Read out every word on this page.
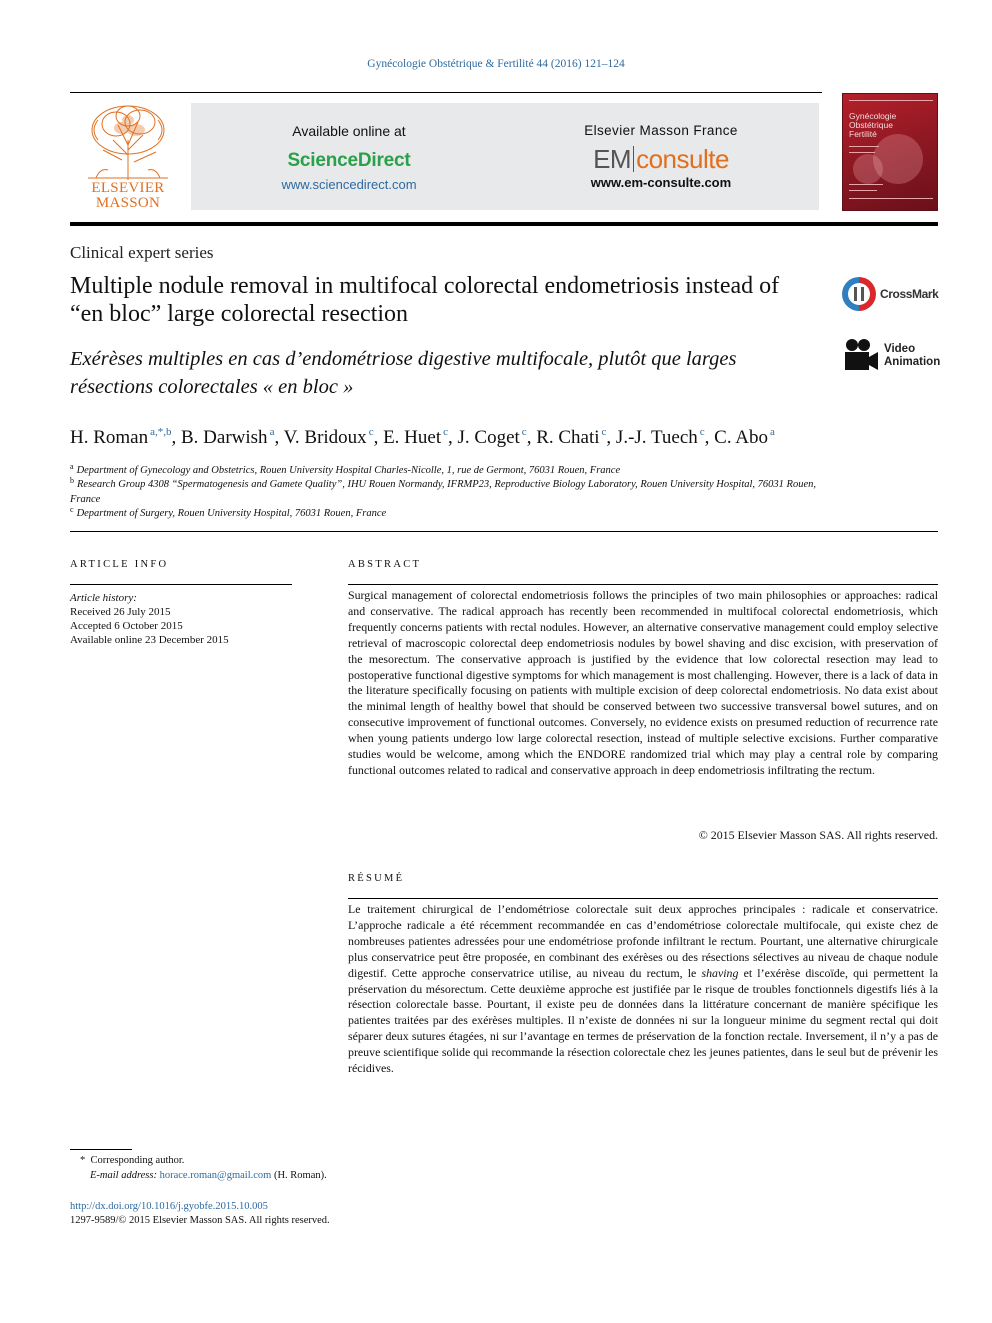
Gynécologie Obstétrique & Fertilité 44 (2016) 121–124
ELSEVIER
MASSON
Available online at
ScienceDirect
www.sciencedirect.com
Elsevier Masson France
EM consulte
www.em-consulte.com
Gynécologie Obstétrique Fertilité
Clinical expert series
Multiple nodule removal in multifocal colorectal endometriosis instead of “en bloc” large colorectal resection
Exérèses multiples en cas d’endométriose digestive multifocale, plutôt que larges résections colorectales « en bloc »
CrossMark
Video
Animation
H. Roman $^{a,*,b}$, B. Darwish $^a$, V. Bridoux $^c$, E. Huet $^c$, J. Coget $^c$, R. Chati $^c$, J.-J. Tuech $^c$, C. Abo $^a$
$^a$ Department of Gynecology and Obstetrics, Rouen University Hospital Charles-Nicolle, 1, rue de Germont, 76031 Rouen, France
$^b$ Research Group 4308 “Spermatogenesis and Gamete Quality”, IHU Rouen Normandy, IFRMP23, Reproductive Biology Laboratory, Rouen University Hospital, 76031 Rouen, France
$^c$ Department of Surgery, Rouen University Hospital, 76031 Rouen, France
ARTICLE INFO
Article history:
Received 26 July 2015
Accepted 6 October 2015
Available online 23 December 2015
ABSTRACT
Surgical management of colorectal endometriosis follows the principles of two main philosophies or approaches: radical and conservative. The radical approach has recently been recommended in multifocal colorectal endometriosis, which frequently concerns patients with rectal nodules. However, an alternative conservative management could employ selective retrieval of macroscopic colorectal deep endometriosis nodules by bowel shaving and disc excision, with preservation of the mesorectum. The conservative approach is justified by the evidence that low colorectal resection may lead to postoperative functional digestive symptoms for which management is most challenging. However, there is a lack of data in the literature specifically focusing on patients with multiple excision of deep colorectal endometriosis. No data exist about the minimal length of healthy bowel that should be conserved between two successive transversal bowel sutures, and on consecutive improvement of functional outcomes. Conversely, no evidence exists on presumed reduction of recurrence rate when young patients undergo low large colorectal resection, instead of multiple selective excisions. Further comparative studies would be welcome, among which the ENDORE randomized trial which may play a central role by comparing functional outcomes related to radical and conservative approach in deep endometriosis infiltrating the rectum.
© 2015 Elsevier Masson SAS. All rights reserved.
RÉSUMÉ
Le traitement chirurgical de l’endométriose colorectale suit deux approches principales : radicale et conservatrice. L’approche radicale a été récemment recommandée en cas d’endométriose colorectale multifocale, qui existe chez de nombreuses patientes adressées pour une endométriose profonde infiltrant le rectum. Pourtant, une alternative chirurgicale plus conservatrice peut être proposée, en combinant des exérèses ou des résections sélectives au niveau de chaque nodule digestif. Cette approche conservatrice utilise, au niveau du rectum, le shaving et l’exérèse discoïde, qui permettent la préservation du mésorectum. Cette deuxième approche est justifiée par le risque de troubles fonctionnels digestifs liés à la résection colorectale basse. Pourtant, il existe peu de données dans la littérature concernant de manière spécifique les patientes traitées par des exérèses multiples. Il n’existe de données ni sur la longueur minime du segment rectal qui doit séparer deux sutures étagées, ni sur l’avantage en termes de préservation de la fonction rectale. Inversement, il n’y a pas de preuve scientifique solide qui recommande la résection colorectale chez les jeunes patientes, dans le seul but de prévenir les récidives.
* Corresponding author.
E-mail address: horace.roman@gmail.com (H. Roman).
http://dx.doi.org/10.1016/j.gyobfe.2015.10.005
1297-9589/© 2015 Elsevier Masson SAS. All rights reserved.
